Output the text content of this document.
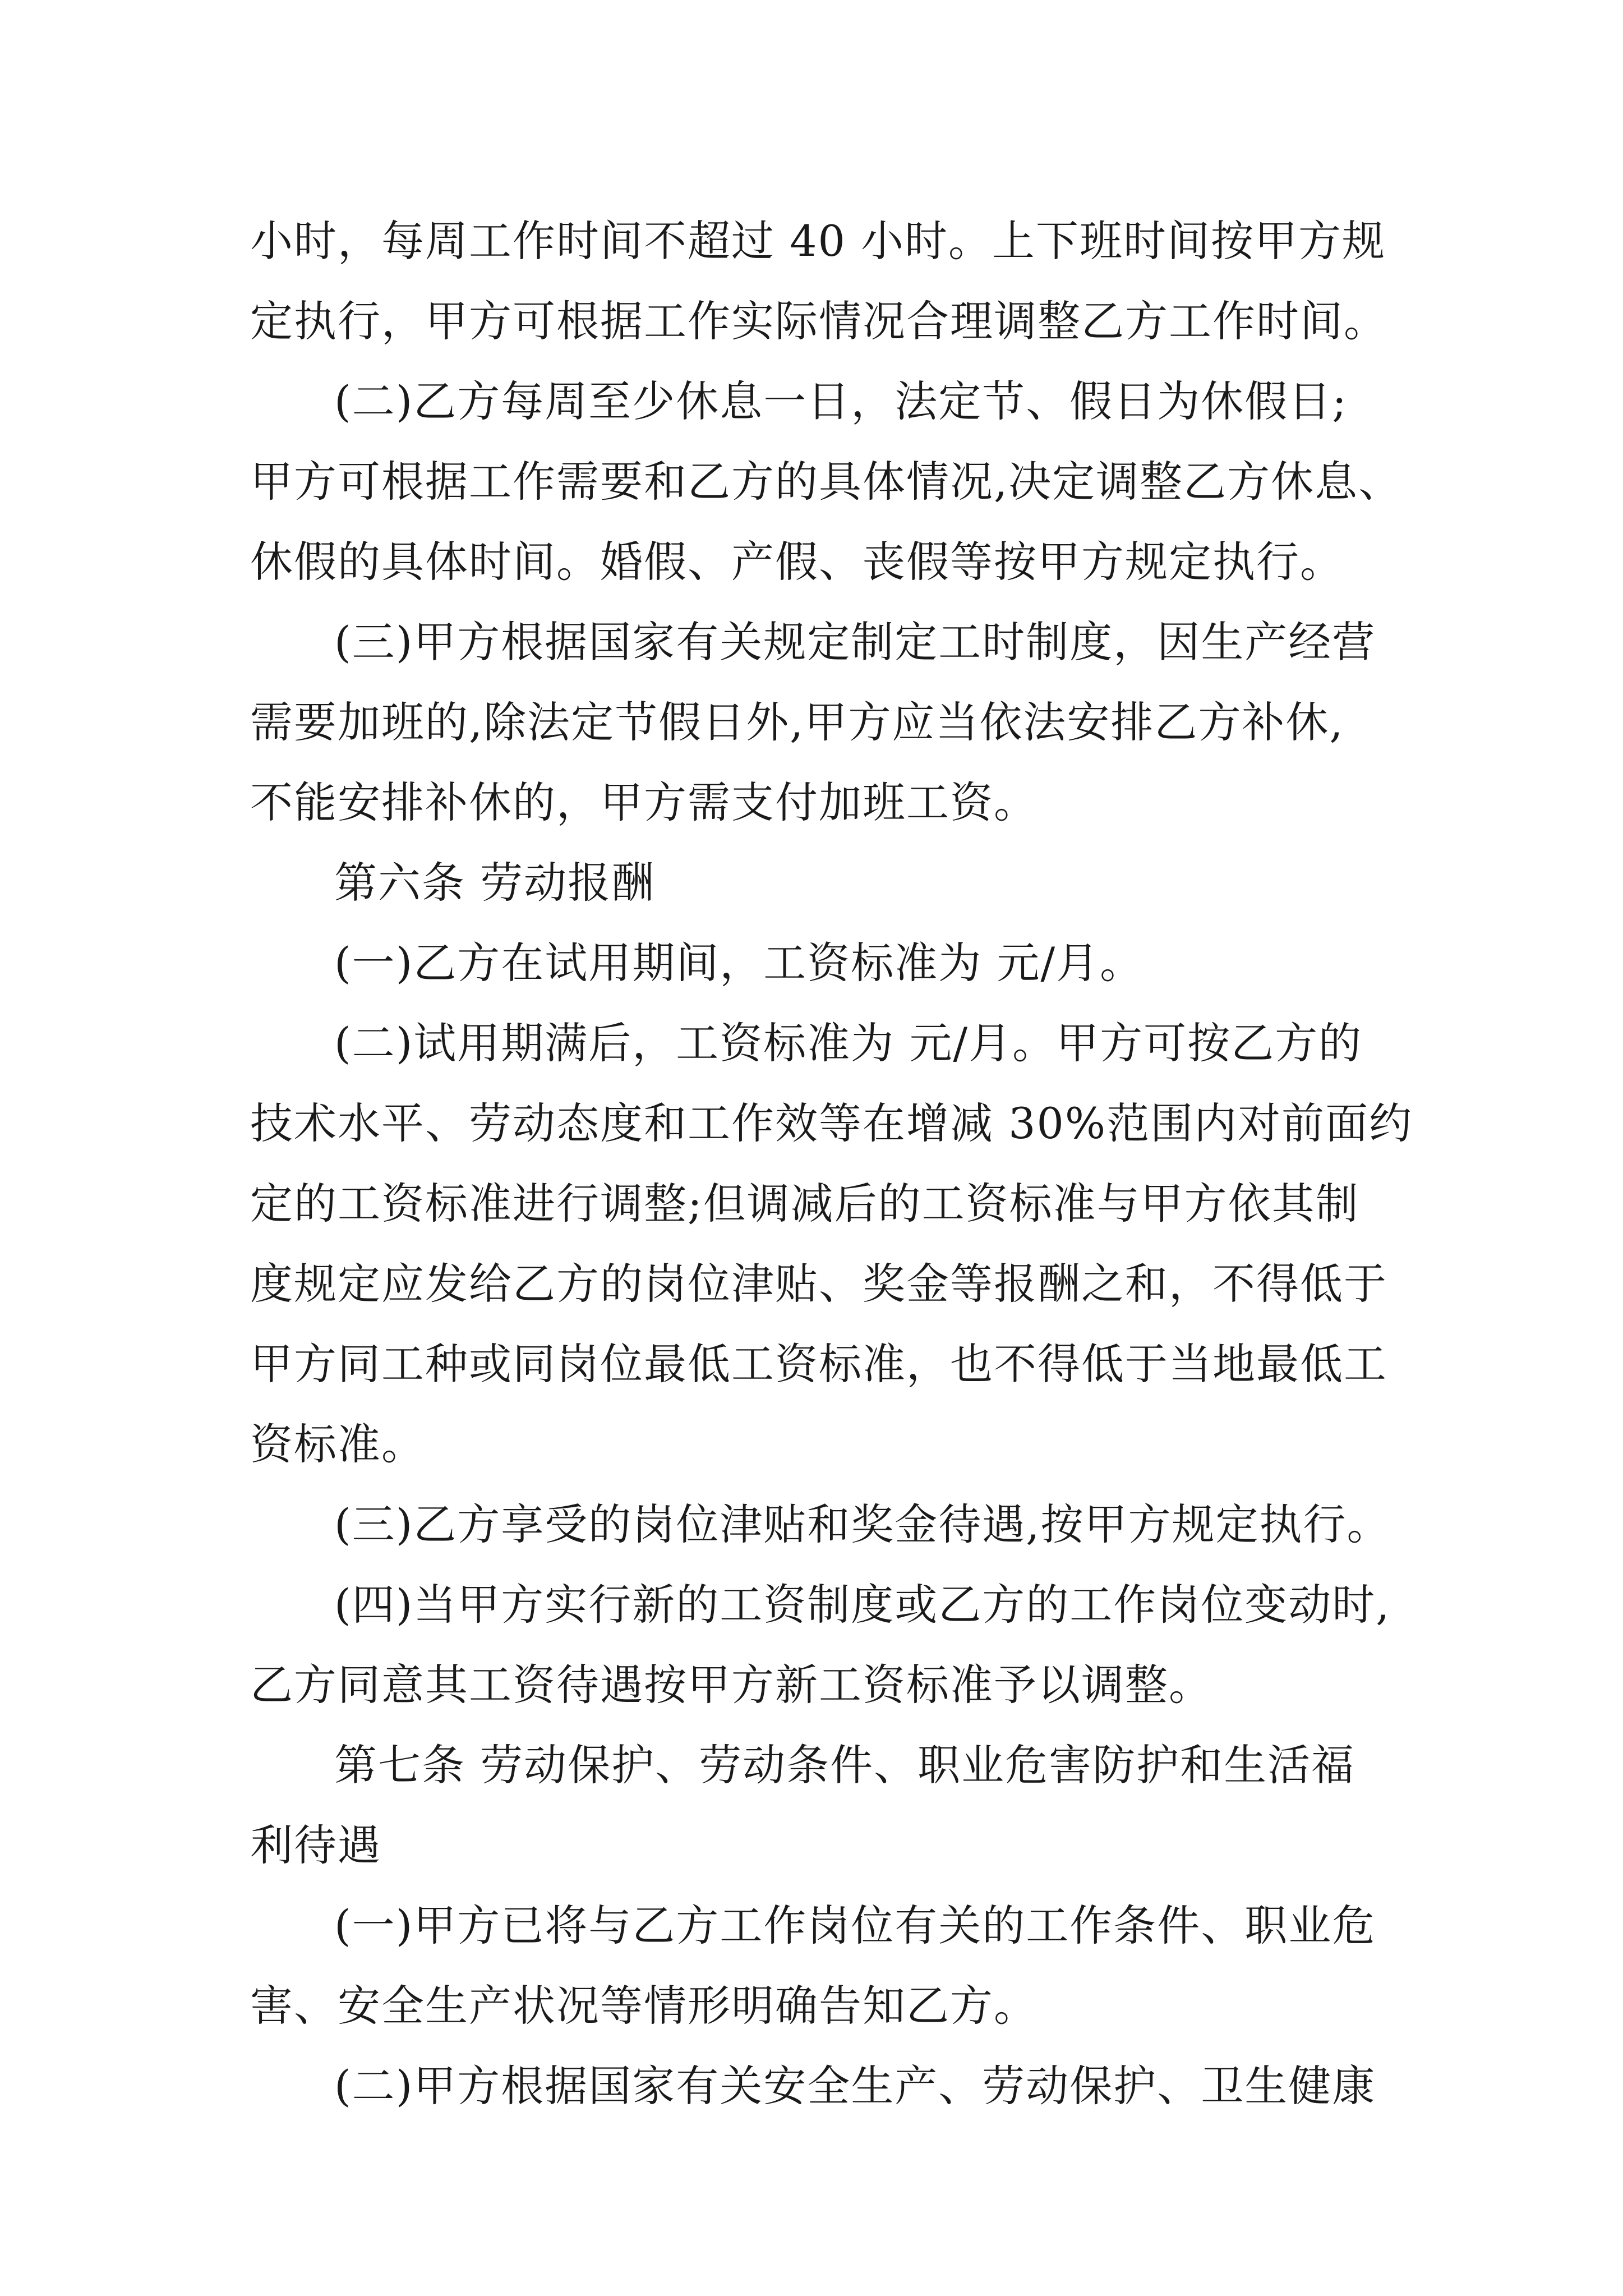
小时，每周工作时间不超过 40 小时。上下班时间按甲方规
定执行，甲方可根据工作实际情况合理调整乙方工作时间。
(二)乙方每周至少休息一日，法定节、假日为休假日;
甲方可根据工作需要和乙方的具体情况,决定调整乙方休息、
休假的具体时间。婚假、产假、丧假等按甲方规定执行。
(三)甲方根据国家有关规定制定工时制度，因生产经营
需要加班的,除法定节假日外,甲方应当依法安排乙方补休,
不能安排补休的，甲方需支付加班工资。
第六条 劳动报酬
(一)乙方在试用期间，工资标准为 元/月。
(二)试用期满后，工资标准为 元/月。甲方可按乙方的
技术水平、劳动态度和工作效等在增减 30%范围内对前面约
定的工资标准进行调整;但调减后的工资标准与甲方依其制
度规定应发给乙方的岗位津贴、奖金等报酬之和，不得低于
甲方同工种或同岗位最低工资标准，也不得低于当地最低工
资标准。
(三)乙方享受的岗位津贴和奖金待遇,按甲方规定执行。
(四)当甲方实行新的工资制度或乙方的工作岗位变动时,
乙方同意其工资待遇按甲方新工资标准予以调整。
第七条 劳动保护、劳动条件、职业危害防护和生活福
利待遇
(一)甲方已将与乙方工作岗位有关的工作条件、职业危
害、安全生产状况等情形明确告知乙方。
(二)甲方根据国家有关安全生产、劳动保护、卫生健康
